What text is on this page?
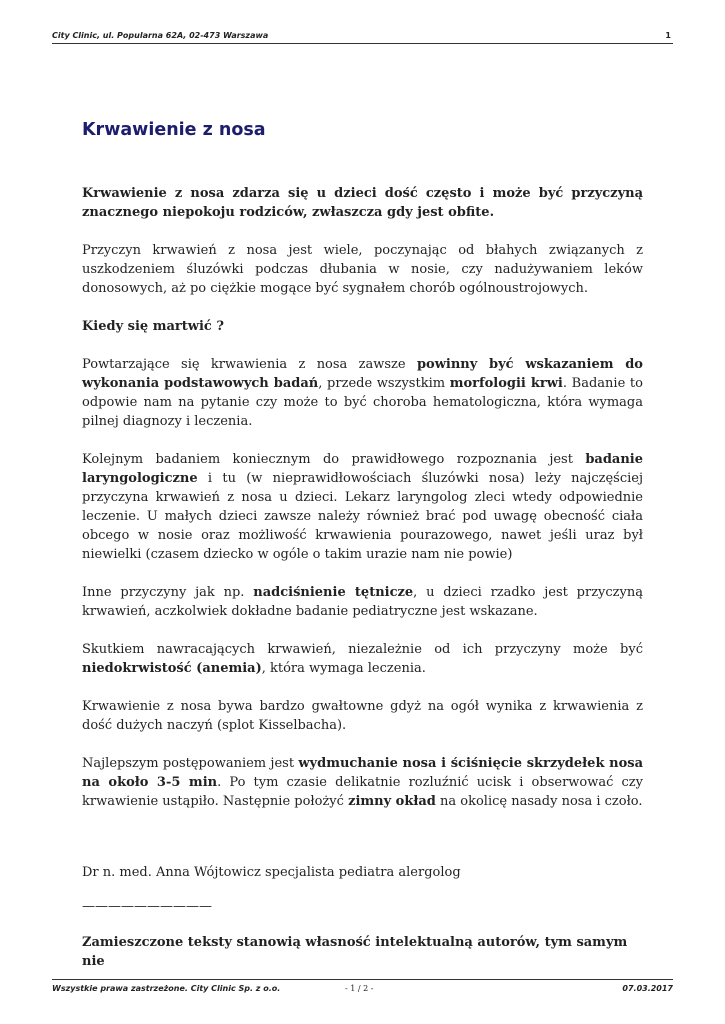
City Clinic, ul. Popularna 62A, 02-473 Warszawa	1
Krwawienie z nosa

Krwawienie z nosa zdarza się u dzieci dość często i może być przyczyną znacznego niepokoju rodziców, zwłaszcza gdy jest obfite.

Przyczyn krwawień z nosa jest wiele, poczynając od błahych związanych z uszkodzeniem śluzówki podczas dłubania w nosie, czy nadużywaniem leków donosowych, aż po ciężkie mogące być sygnałem chorób ogólnoustrojowych.

Kiedy się martwić ?

Powtarzające się krwawienia z nosa zawsze powinny być wskazaniem do wykonania podstawowych badań, przede wszystkim morfologii krwi. Badanie to odpowie nam na pytanie czy może to być choroba hematologiczna, która wymaga pilnej diagnozy i leczenia.

Kolejnym badaniem koniecznym do prawidłowego rozpoznania jest badanie laryngologiczne i tu (w nieprawidłowościach śluzówki nosa) leży najczęściej przyczyna krwawień z nosa u dzieci. Lekarz laryngolog zleci wtedy odpowiednie leczenie. U małych dzieci zawsze należy również brać pod uwagę obecność ciała obcego w nosie oraz możliwość krwawienia pourazowego, nawet jeśli uraz był niewielki (czasem dziecko w ogóle o takim urazie nam nie powie)

Inne przyczyny jak np. nadciśnienie tętnicze, u dzieci rzadko jest przyczyną krwawień, aczkolwiek dokładne badanie pediatryczne jest wskazane.

Skutkiem nawracających krwawień, niezależnie od ich przyczyny może być niedokrwistość (anemia), która wymaga leczenia.

Krwawienie z nosa bywa bardzo gwałtowne gdyż na ogół wynika z krwawienia z dość dużych naczyń (splot Kisselbacha).

Najlepszym postępowaniem jest wydmuchanie nosa i ściśnięcie skrzydełek nosa na około 3-5 min. Po tym czasie delikatnie rozluźnić ucisk i obserwować czy krwawienie ustąpiło. Następnie położyć zimny okład na okolicę nasady nosa i czoło.

Dr n. med. Anna Wójtowicz specjalista pediatra alergolog

——————————
Zamieszczone teksty stanowią własność intelektualną autorów, tym samym nie
Wszystkie prawa zastrzeżone. City Clinic Sp. z o.o.	- 1 / 2 -	07.03.2017
